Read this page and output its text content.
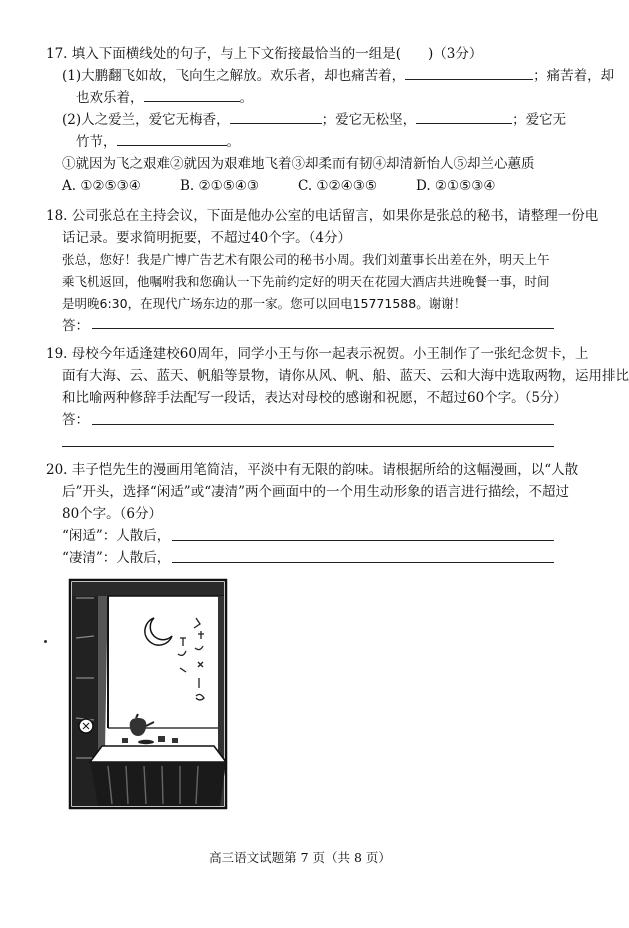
17. 填入下面横线处的句子，与上下文衔接最恰当的一组是(　　)（3分）
(1)大鹏翻飞如故，飞向生之解放。欢乐者，却也痛苦着，	；痛苦着，却
也欢乐着，	。
(2)人之爱兰，爱它无梅香，	；爱它无松坚，	；爱它无
竹节，	。
①就因为飞之艰难②就因为艰难地飞着③却柔而有韧④却清新怡人⑤却兰心蕙质
A. ①②⑤③④	B. ②①⑤④③	C. ①②④③⑤	D. ②①⑤③④
18. 公司张总在主持会议，下面是他办公室的电话留言，如果你是张总的秘书，请整理一份电
话记录。要求简明扼要，不超过40个字。（4分）
张总，您好！我是广博广告艺术有限公司的秘书小周。我们刘董事长出差在外，明天上午
乘飞机返回，他嘱咐我和您确认一下先前约定好的明天在花园大酒店共进晚餐一事，时间
是明晚6:30，在现代广场东边的那一家。您可以回电15771588。谢谢！
答：
19. 母校今年适逢建校60周年，同学小王与你一起表示祝贺。小王制作了一张纪念贺卡，上
面有大海、云、蓝天、帆船等景物，请你从风、帆、船、蓝天、云和大海中选取两物，运用排比
和比喻两种修辞手法配写一段话，表达对母校的感谢和祝愿，不超过60个字。（5分）
答：
20. 丰子恺先生的漫画用笔简洁，平淡中有无限的韵味。请根据所给的这幅漫画，以“人散
后”开头，选择“闲适”或“凄清”两个画面中的一个用生动形象的语言进行描绘，不超过
80个字。（6分）
“闲适”：人散后，
“凄清”：人散后，
高三语文试题第 7 页（共 8 页）
